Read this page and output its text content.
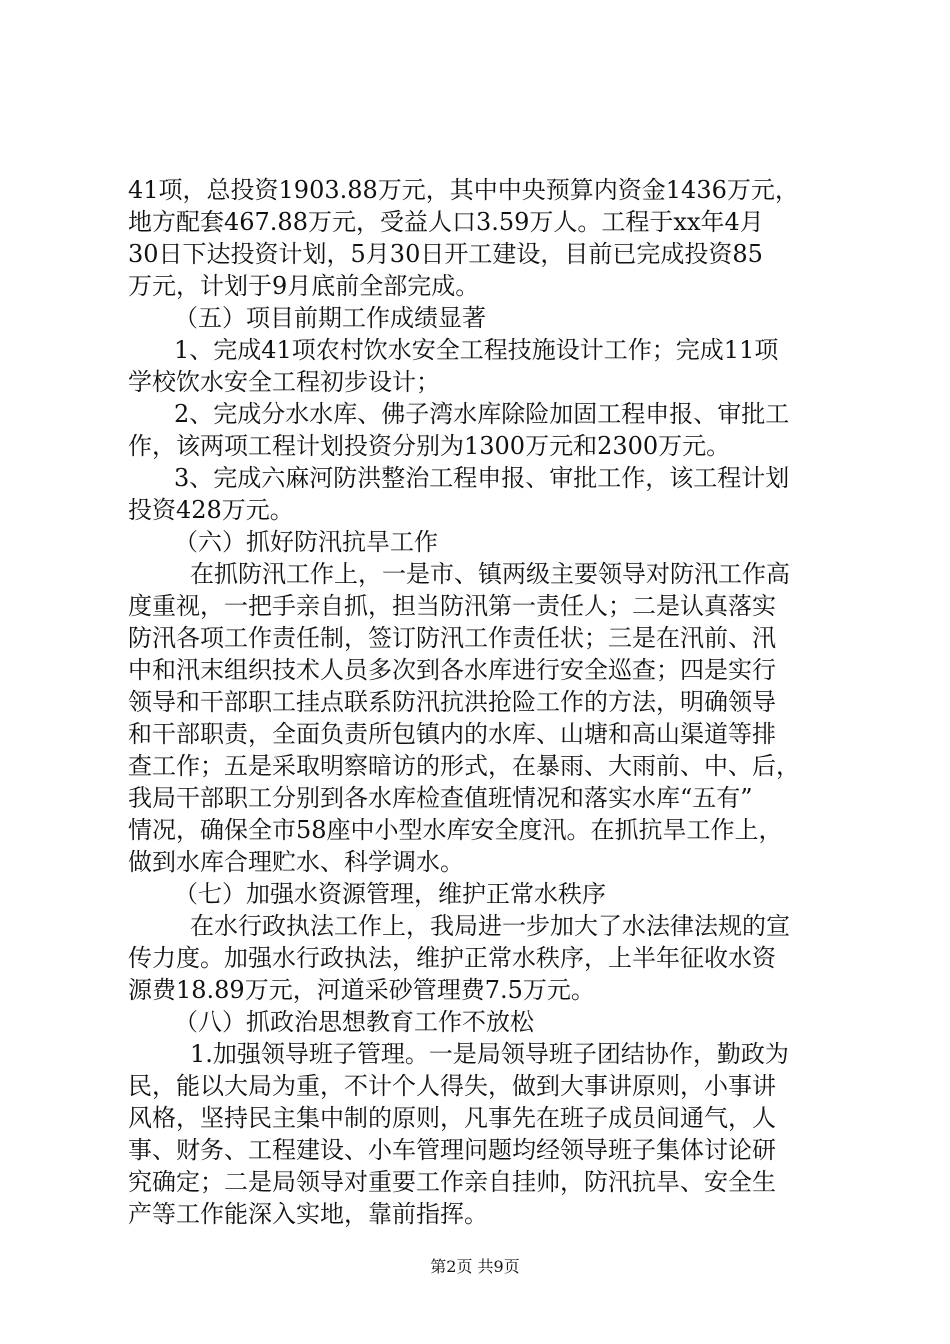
41项，总投资1903.88万元，其中中央预算内资金1436万元，
地方配套467.88万元，受益人口3.59万人。工程于xx年4月
30日下达投资计划，5月30日开工建设，目前已完成投资85
万元，计划于9月底前全部完成。
（五）项目前期工作成绩显著
1、完成41项农村饮水安全工程技施设计工作；完成11项
学校饮水安全工程初步设计；
2、完成分水水库、佛子湾水库除险加固工程申报、审批工
作，该两项工程计划投资分别为1300万元和2300万元。
3、完成六麻河防洪整治工程申报、审批工作，该工程计划
投资428万元。
（六）抓好防汛抗旱工作
在抓防汛工作上，一是市、镇两级主要领导对防汛工作高
度重视，一把手亲自抓，担当防汛第一责任人；二是认真落实
防汛各项工作责任制，签订防汛工作责任状；三是在汛前、汛
中和汛末组织技术人员多次到各水库进行安全巡查；四是实行
领导和干部职工挂点联系防汛抗洪抢险工作的方法，明确领导
和干部职责，全面负责所包镇内的水库、山塘和高山渠道等排
查工作；五是采取明察暗访的形式，在暴雨、大雨前、中、后，
我局干部职工分别到各水库检查值班情况和落实水库“五有”
情况，确保全市58座中小型水库安全度汛。在抓抗旱工作上，
做到水库合理贮水、科学调水。
（七）加强水资源管理，维护正常水秩序
在水行政执法工作上，我局进一步加大了水法律法规的宣
传力度。加强水行政执法，维护正常水秩序，上半年征收水资
源费18.89万元，河道采砂管理费7.5万元。
（八）抓政治思想教育工作不放松
1.加强领导班子管理。一是局领导班子团结协作，勤政为
民，能以大局为重，不计个人得失，做到大事讲原则，小事讲
风格，坚持民主集中制的原则，凡事先在班子成员间通气，人
事、财务、工程建设、小车管理问题均经领导班子集体讨论研
究确定；二是局领导对重要工作亲自挂帅，防汛抗旱、安全生
产等工作能深入实地，靠前指挥。
第2页 共9页
